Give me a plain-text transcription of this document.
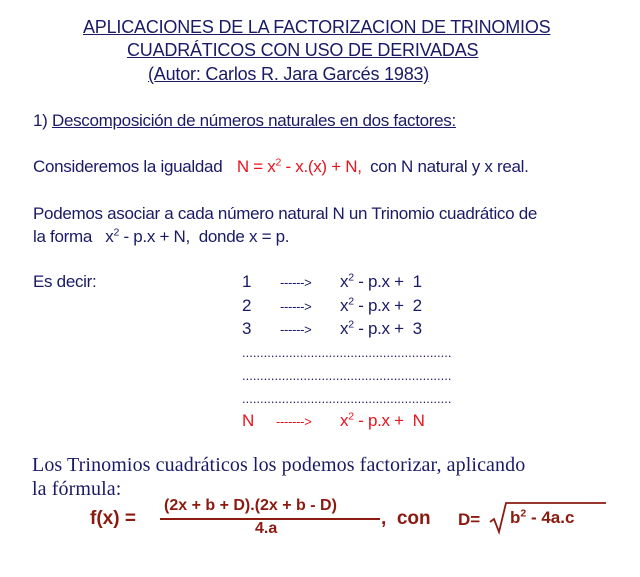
APLICACIONES DE LA FACTORIZACION DE TRINOMIOS
CUADRÁTICOS CON USO DE DERIVADAS
(Autor: Carlos R. Jara Garcés 1983)
1) Descomposición de números naturales en dos factores:
Consideremos la igualdad $N = x^2 - x.(x) + N$, con N natural y x real.
Podemos asociar a cada número natural N un Trinomio cuadrático de
la forma   $x^2 - p.x + N$,  donde x = p.
Es decir:	1 ------> $x^2 - p.x + 1$
2 ------> $x^2 - p.x + 2$
3 ------> $x^2 - p.x + 3$
..........................................................
..........................................................
..........................................................
N -------> $x^2 - p.x + N$
Los Trinomios cuadráticos los podemos factorizar, aplicando
la fórmula:
f(x) =
(2x + b + D).(2x + b - D)
4.a	,  con $D= b^2 - 4a.c$
